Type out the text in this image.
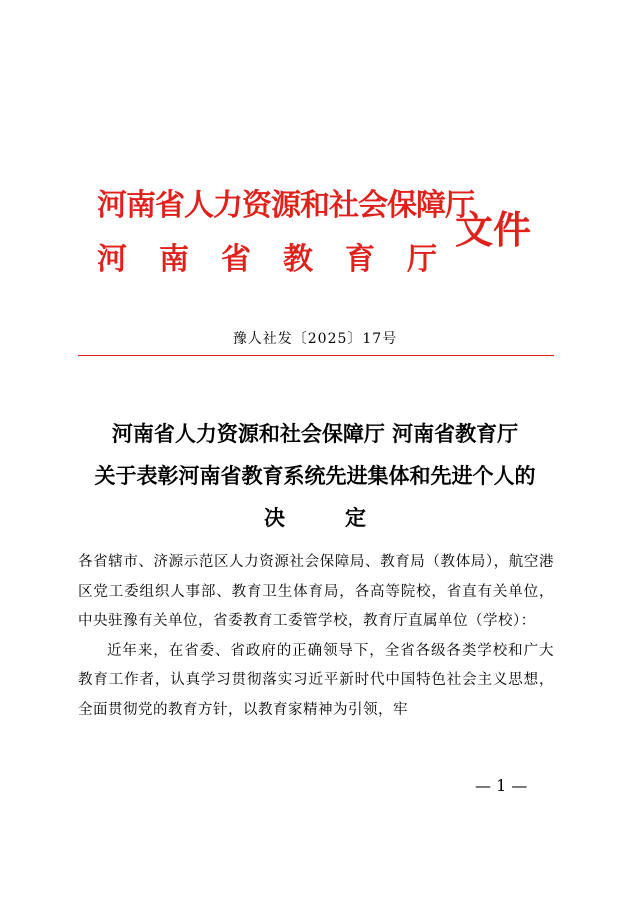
河南省人力资源和社会保障厅
河 南 省 教 育 厅
文件
豫人社发〔2025〕17号
河南省人力资源和社会保障厅 河南省教育厅
关于表彰河南省教育系统先进集体和先进个人的
决定

各省辖市、济源示范区人力资源社会保障局、教育局（教体局），航空港区党工委组织人事部、教育卫生体育局，各高等院校，省直有关单位，中央驻豫有关单位，省委教育工委管学校，教育厅直属单位（学校）：

近年来，在省委、省政府的正确领导下，全省各级各类学校和广大教育工作者，认真学习贯彻落实习近平新时代中国特色社会主义思想，全面贯彻党的教育方针，以教育家精神为引领，牢

— 1 —
